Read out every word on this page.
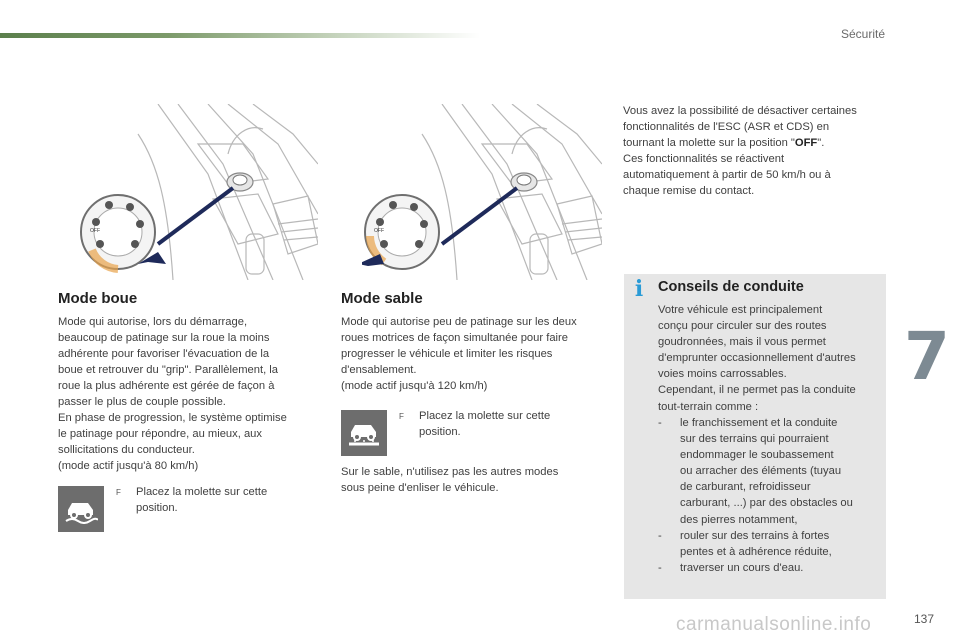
Sécurité
OFF	OFF
Mode boue
Mode qui autorise, lors du démarrage,
beaucoup de patinage sur la roue la moins
adhérente pour favoriser l'évacuation de la
boue et retrouver du "grip". Parallèlement, la
roue la plus adhérente est gérée de façon à
passer le plus de couple possible.
En phase de progression, le système optimise
le patinage pour répondre, au mieux, aux
sollicitations du conducteur.
(mode actif jusqu'à 80 km/h)
F	Placez la molette sur cette
position.
Mode sable
Mode qui autorise peu de patinage sur les deux
roues motrices de façon simultanée pour faire
progresser le véhicule et limiter les risques
d'ensablement.
(mode actif jusqu'à 120 km/h)
F	Placez la molette sur cette
position.
Sur le sable, n'utilisez pas les autres modes
sous peine d'enliser le véhicule.
Vous avez la possibilité de désactiver certaines
fonctionnalités de l'ESC (ASR et CDS) en
tournant la molette sur la position "OFF".
Ces fonctionnalités se réactivent
automatiquement à partir de 50 km/h ou à
chaque remise du contact.
i Conseils de conduite
Votre véhicule est principalement
conçu pour circuler sur des routes
goudronnées, mais il vous permet
d'emprunter occasionnellement d'autres
voies moins carrossables.
Cependant, il ne permet pas la conduite
tout-terrain comme :
- le franchissement et la conduite
sur des terrains qui pourraient
endommager le soubassement
ou arracher des éléments (tuyau
de carburant, refroidisseur
carburant, ...) par des obstacles ou
des pierres notamment,
- rouler sur des terrains à fortes
pentes et à adhérence réduite,
- traverser un cours d'eau.
7
carmanualsonline.info	137
